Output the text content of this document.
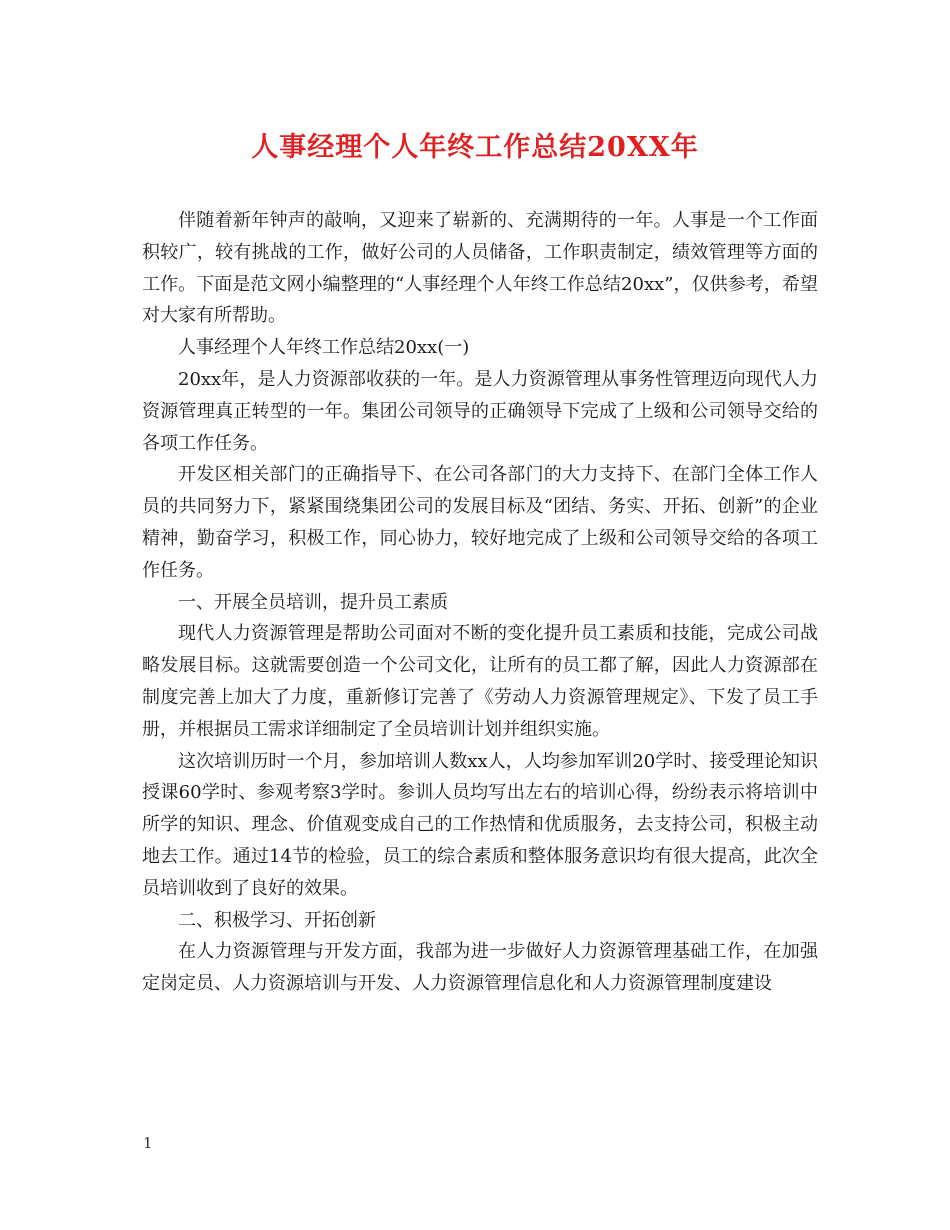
人事经理个人年终工作总结20XX年

伴随着新年钟声的敲响，又迎来了崭新的、充满期待的一年。人事是一个工作面积较广，较有挑战的工作，做好公司的人员储备，工作职责制定，绩效管理等方面的工作。下面是范文网小编整理的“人事经理个人年终工作总结20xx”，仅供参考，希望对大家有所帮助。

人事经理个人年终工作总结20xx(一)

20xx年，是人力资源部收获的一年。是人力资源管理从事务性管理迈向现代人力资源管理真正转型的一年。集团公司领导的正确领导下完成了上级和公司领导交给的各项工作任务。

开发区相关部门的正确指导下、在公司各部门的大力支持下、在部门全体工作人员的共同努力下，紧紧围绕集团公司的发展目标及“团结、务实、开拓、创新”的企业精神，勤奋学习，积极工作，同心协力，较好地完成了上级和公司领导交给的各项工作任务。

一、开展全员培训，提升员工素质

现代人力资源管理是帮助公司面对不断的变化提升员工素质和技能，完成公司战略发展目标。这就需要创造一个公司文化，让所有的员工都了解，因此人力资源部在制度完善上加大了力度，重新修订完善了《劳动人力资源管理规定》、下发了员工手册，并根据员工需求详细制定了全员培训计划并组织实施。

这次培训历时一个月，参加培训人数xx人，人均参加军训20学时、接受理论知识授课60学时、参观考察3学时。参训人员均写出左右的培训心得，纷纷表示将培训中所学的知识、理念、价值观变成自己的工作热情和优质服务，去支持公司，积极主动地去工作。通过14节的检验，员工的综合素质和整体服务意识均有很大提高，此次全员培训收到了良好的效果。

二、积极学习、开拓创新

在人力资源管理与开发方面，我部为进一步做好人力资源管理基础工作，在加强定岗定员、人力资源培训与开发、人力资源管理信息化和人力资源管理制度建设

1
